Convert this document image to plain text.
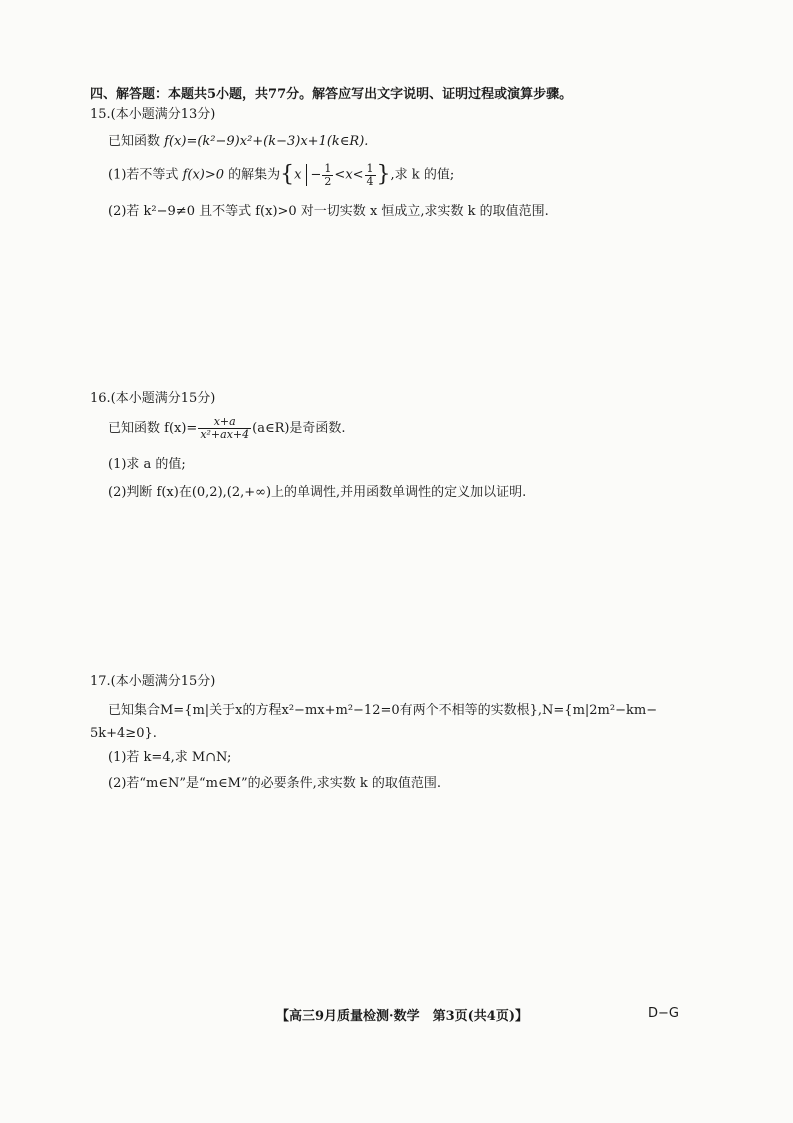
四、解答题：本题共5小题，共77分。解答应写出文字说明、证明过程或演算步骤。
15.(本小题满分13分)
已知函数 f(x)=(k²−9)x²+(k−3)x+1(k∈R).
(1)若不等式 f(x)>0 的解集为{$x - \frac{1}{2} <x< \frac{1}{4}$ },求 k 的值;
(2)若 k²−9≠0 且不等式 f(x)>0 对一切实数 x 恒成立,求实数 k 的取值范围.
16.(本小题满分15分)
已知函数 $f(x)= \frac{x+a}{\text{x²+ax+4}}$ (a∈R)是奇函数.
(1)求 a 的值;
(2)判断 f(x)在(0,2),(2,+∞)上的单调性,并用函数单调性的定义加以证明.
17.(本小题满分15分)
已知集合M={m|关于x的方程x²−mx+m²−12=0有两个不相等的实数根},N={m|2m²−km−
5k+4≥0}.
(1)若 k=4,求 M∩N;
(2)若“m∈N”是“m∈M”的必要条件,求实数 k 的取值范围.
【高三9月质量检测·数学　第3页(共4页)】	D−G
